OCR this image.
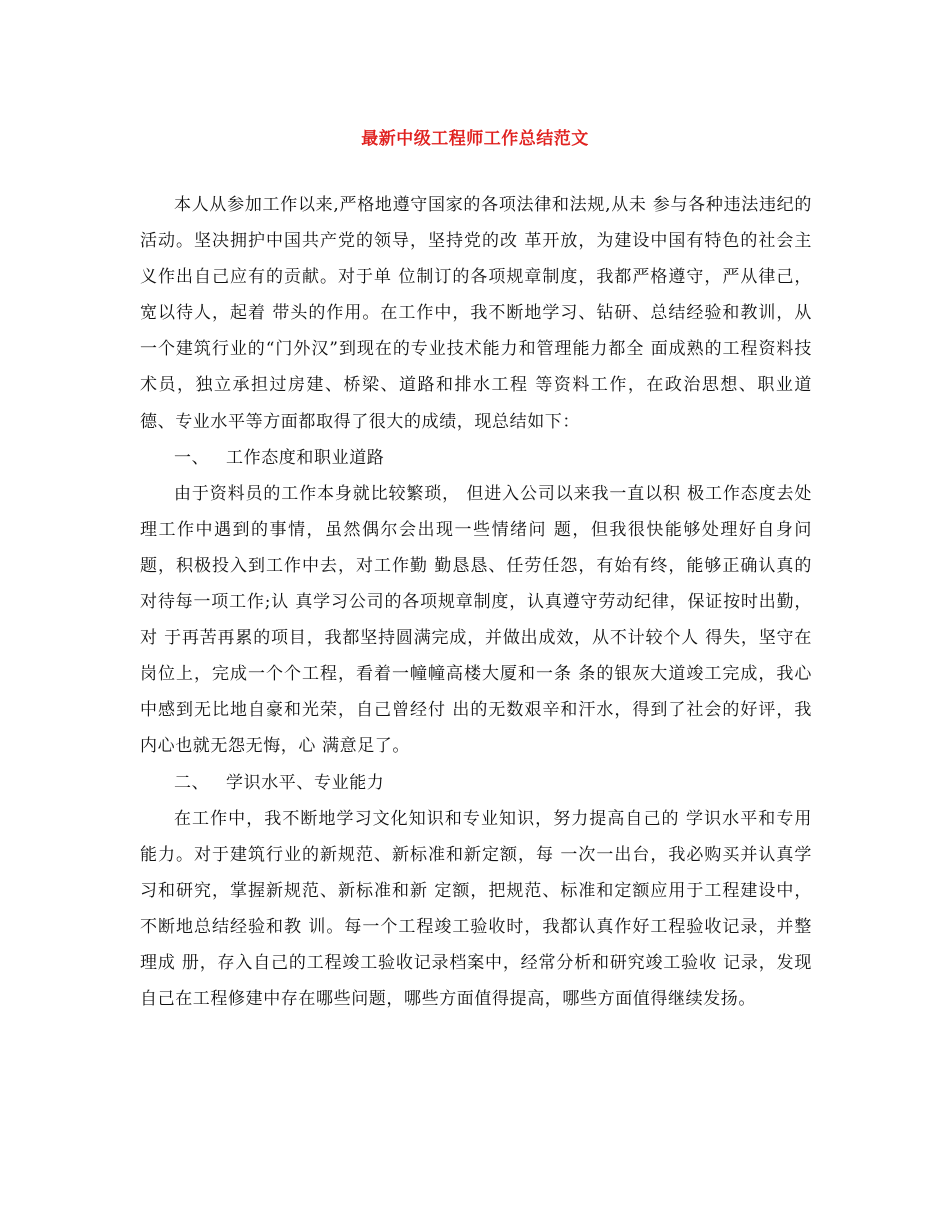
最新中级工程师工作总结范文

本人从参加工作以来,严格地遵守国家的各项法律和法规,从未 参与各种违法违纪的活动。坚决拥护中国共产党的领导，坚持党的改 革开放，为建设中国有特色的社会主义作出自己应有的贡献。对于单 位制订的各项规章制度，我都严格遵守，严从律己，宽以待人，起着 带头的作用。在工作中，我不断地学习、钻研、总结经验和教训，从 一个建筑行业的“门外汉”到现在的专业技术能力和管理能力都全 面成熟的工程资料技术员，独立承担过房建、桥梁、道路和排水工程 等资料工作，在政治思想、职业道德、专业水平等方面都取得了很大的成绩，现总结如下：

一、 工作态度和职业道路

由于资料员的工作本身就比较繁琐， 但进入公司以来我一直以积 极工作态度去处理工作中遇到的事情，虽然偶尔会出现一些情绪问 题，但我很快能够处理好自身问题，积极投入到工作中去，对工作勤 勤恳恳、任劳任怨，有始有终，能够正确认真的对待每一项工作;认 真学习公司的各项规章制度，认真遵守劳动纪律，保证按时出勤，对 于再苦再累的项目，我都坚持圆满完成，并做出成效，从不计较个人 得失，坚守在岗位上，完成一个个工程，看着一幢幢高楼大厦和一条 条的银灰大道竣工完成，我心中感到无比地自豪和光荣，自己曾经付 出的无数艰辛和汗水，得到了社会的好评，我内心也就无怨无悔，心 满意足了。

二、 学识水平、专业能力

在工作中，我不断地学习文化知识和专业知识，努力提高自己的 学识水平和专用能力。对于建筑行业的新规范、新标准和新定额，每 一次一出台，我必购买并认真学习和研究，掌握新规范、新标准和新 定额，把规范、标准和定额应用于工程建设中，不断地总结经验和教 训。每一个工程竣工验收时，我都认真作好工程验收记录，并整理成 册，存入自己的工程竣工验收记录档案中，经常分析和研究竣工验收 记录，发现自己在工程修建中存在哪些问题，哪些方面值得提高，哪些方面值得继续发扬。
